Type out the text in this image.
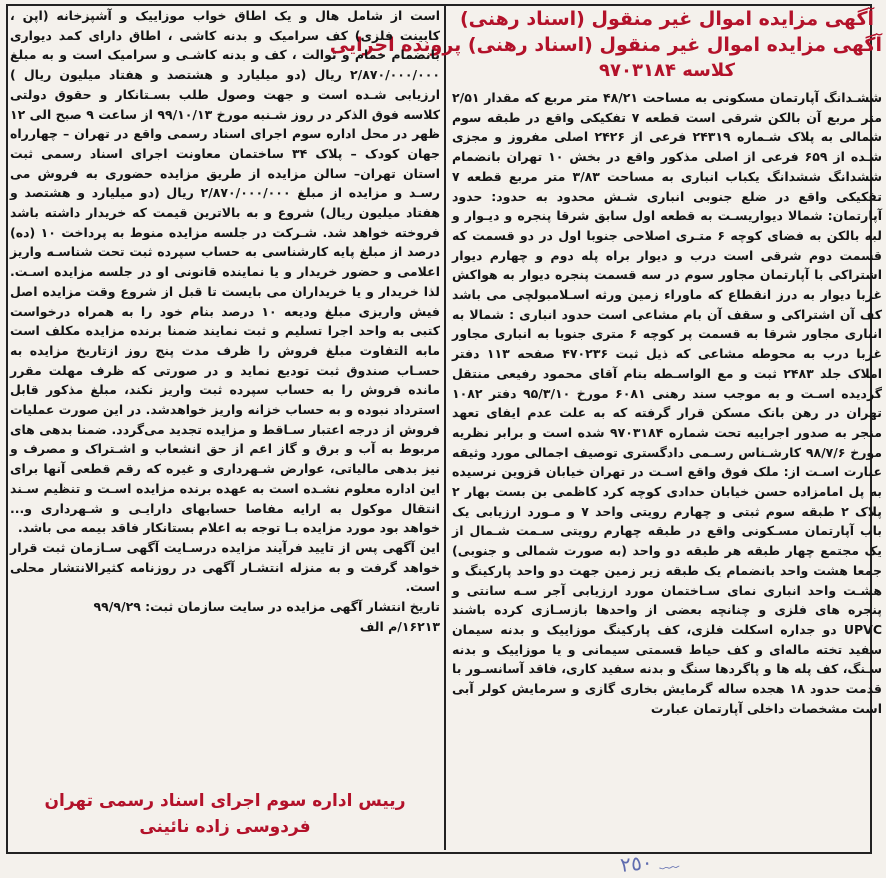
آگهی مزایده اموال غیر منقول (اسناد رهنی)

آگهی مزایده اموال غیر منقول (اسناد رهنی) پرونده اجرایی

کلاسه ۹۷۰۳۱۸۴

ششـدانگ آپارتمان مسکونی به مساحت ۴۸/۲۱ متر مربع که مقدار ۲/۵۱ متر مربع آن بالکن شرقی است قطعه ۷ تفکیکی واقع در طبقه سوم شمالی به پلاک شـماره ۲۴۳۱۹ فرعی از ۲۴۲۶ اصلی مفروز و مجزی شـده از ۶۵۹ فرعی از اصلی مذکور واقع در بخش ۱۰ تهران بانضمام ششدانگ ششدانگ یکباب انباری به مساحت ۳/۸۳ متر مربع قطعه ۷ تفکیکی واقع در ضلع جنوبی انباری شـش محدود به حدود: حدود آپارتمان: شمالا دیواریسـت به قطعه اول سابق شرقا پنجره و دیـوار و لبه بالکن به فضای کوچه ۶ متـری اصلاحی جنوبا اول در دو قسمت که قسمت دوم شرقی است درب و دیوار براه پله دوم و چهارم دیوار اشتراکی با آپارتمان مجاور سوم در سه قسمت پنجره دیوار به هواکش غربا دیوار به درز انقطاع که ماوراء زمین ورثه اسـلامبولچی می باشد کف آن اشتراکی و سقف آن بام مشاعی است حدود انباری : شمالا به انباری مجاور شرقا به قسمت پر کوچه ۶ متری جنوبا به انباری مجاور غربا درب به محوطه مشاعی که ذیل ثبت ۴۷۰۲۳۶ صفحه ۱۱۳ دفتر املاک جلد ۲۴۸۳ ثبت و مع الواسـطه بنام آقای محمود رفیعی منتقل گردیده اسـت و به موجب سند رهنی ۶۰۸۱ مورخ ۹۵/۳/۱۰ دفتر ۱۰۸۲ تهران در رهن بانک مسکن قرار گرفته که به علت عدم ایفای تعهد منجر به صدور اجراییه تحت شماره ۹۷۰۳۱۸۴ شده است و برابر نظریه مورخ ۹۸/۷/۶ کارشـناس رسـمی دادگستری توصیف اجمالی مورد وثیقه عبارت اسـت از: ملک فوق واقع اسـت در تهران خیابان قزوین نرسیده به پل امامزاده حسن خیابان حدادی کوچه کرد کاظمی بن بست بهار ۲ پلاک ۲ طبقه سوم ثبتی و چهارم رویتی واحد ۷ و مـورد ارزیابی یک باب آپارتمان مسـکونی واقع در طبقه چهارم رویتی سـمت شـمال از یک مجتمع چهار طبقه هر طبقه دو واحد (به صورت شمالی و جنوبی) جمعا هشت واحد بانضمام یک طبقه زیر زمین جهت دو واحد پارکینگ و هشـت واحد انباری نمای سـاختمان مورد ارزیابی آجر سـه سانتی و پنجره های فلزی و چنانچه بعضی از واحدها بازسـازی کرده باشند UPVC دو جداره اسکلت فلزی، کف پارکینگ موزاییک و بدنه سیمان سفید تخته ماله‌ای و کف حیاط قسمتی سیمانی و یا موزاییک و بدنه سـنگ، کف پله ها و پاگردها سنگ و بدنه سفید کاری، فاقد آسانسـور با قدمت حدود ۱۸ هجده ساله گرمایش بخاری گازی و سرمایش کولر آبی است مشخصات داخلی آپارتمان عبارت

است از شامل هال و یک اطاق خواب موزاییک و آشپزخانه (اپن ، کابینت فلزی) کف سرامیک و بدنه کاشی ، اطاق دارای کمد دیواری بانضمام حمام و توالت ، کف و بدنه کاشـی و سرامیک است و به مبلغ ۲/۸۷۰/۰۰۰/۰۰۰ ریال (دو میلیارد و هشتصد و هفتاد میلیون ریال ) ارزیابی شـده است و جهت وصول طلب بسـتانکار و حقوق دولتی کلاسه فوق الذکر در روز شـنبه مورخ ۹۹/۱۰/۱۳ از ساعت ۹ صبح الی ۱۲ ظهر در محل اداره سوم اجرای اسناد رسمی واقع در تهران – چهارراه جهان کودک – پلاک ۳۴ ساختمان معاونت اجرای اسناد رسمی ثبت استان تهران– سالن مزایده از طریق مزایده حضوری به فروش می رسـد و مزایده از مبلغ ۲/۸۷۰/۰۰۰/۰۰۰ ریال (دو میلیارد و هشتصد و هفتاد میلیون ریال) شروع و به بالاترین قیمت که خریدار داشته باشد فروخته خواهد شد. شـرکت در جلسه مزایده منوط به پرداخت ۱۰ (ده) درصد از مبلغ پایه کارشناسی به حساب سپرده ثبت تحت شناسـه واریز اعلامی و حضور خریدار و یا نماینده قانونی او در جلسه مزایده اسـت. لذا خریدار و یا خریداران می بایست تا قبل از شروع وقت مزایده اصل فیش واریزی مبلغ ودیعه ۱۰ درصد بنام خود را به همراه درخواست کتبی به واحد اجرا تسلیم و ثبت نمایند ضمنا برنده مزایده مکلف است مابه التفاوت مبلغ فروش را ظرف مدت پنج روز ازتاریخ مزایده به حسـاب صندوق ثبت تودیع نماید و در صورتی که ظرف مهلت مقرر مانده فروش را به حساب سپرده ثبت واریز نکند، مبلغ مذکور قابل استرداد نبوده و به حساب خزانه واریز خواهدشد. در این صورت عملیات فروش از درجه اعتبار سـاقط و مزایده تجدید می‌گردد. ضمنا بدهی های مربوط به آب و برق و گاز اعم از حق انشعاب و اشـتراک و مصرف و نیز بدهی مالیاتی، عوارض شـهرداری و غیره که رقم قطعی آنها برای این اداره معلوم نشـده است به عهده برنده مزایده اسـت و تنظیم سـند انتقال موکول به ارایه مفاصا حسابهای دارایـی و شـهرداری و... خواهد بود مورد مزایده بـا توجه به اعلام بستانکار فاقد بیمه می باشد.

این آگهی پس از تایید فرآیند مزایده درسـایت آگهی سـازمان ثبت قرار خواهد گرفت و به منزله انتشـار آگهی در روزنامه کثیرالانتشار محلی است.

تاریخ انتشار آگهی مزایده در سایت سازمان ثبت: ۹۹/۹/۲۹

۱۶۲۱۳/م الف

رییس اداره سوم اجرای اسناد رسمی تهران

فردوسی زاده نائینی

﹏ ٢٥٠
